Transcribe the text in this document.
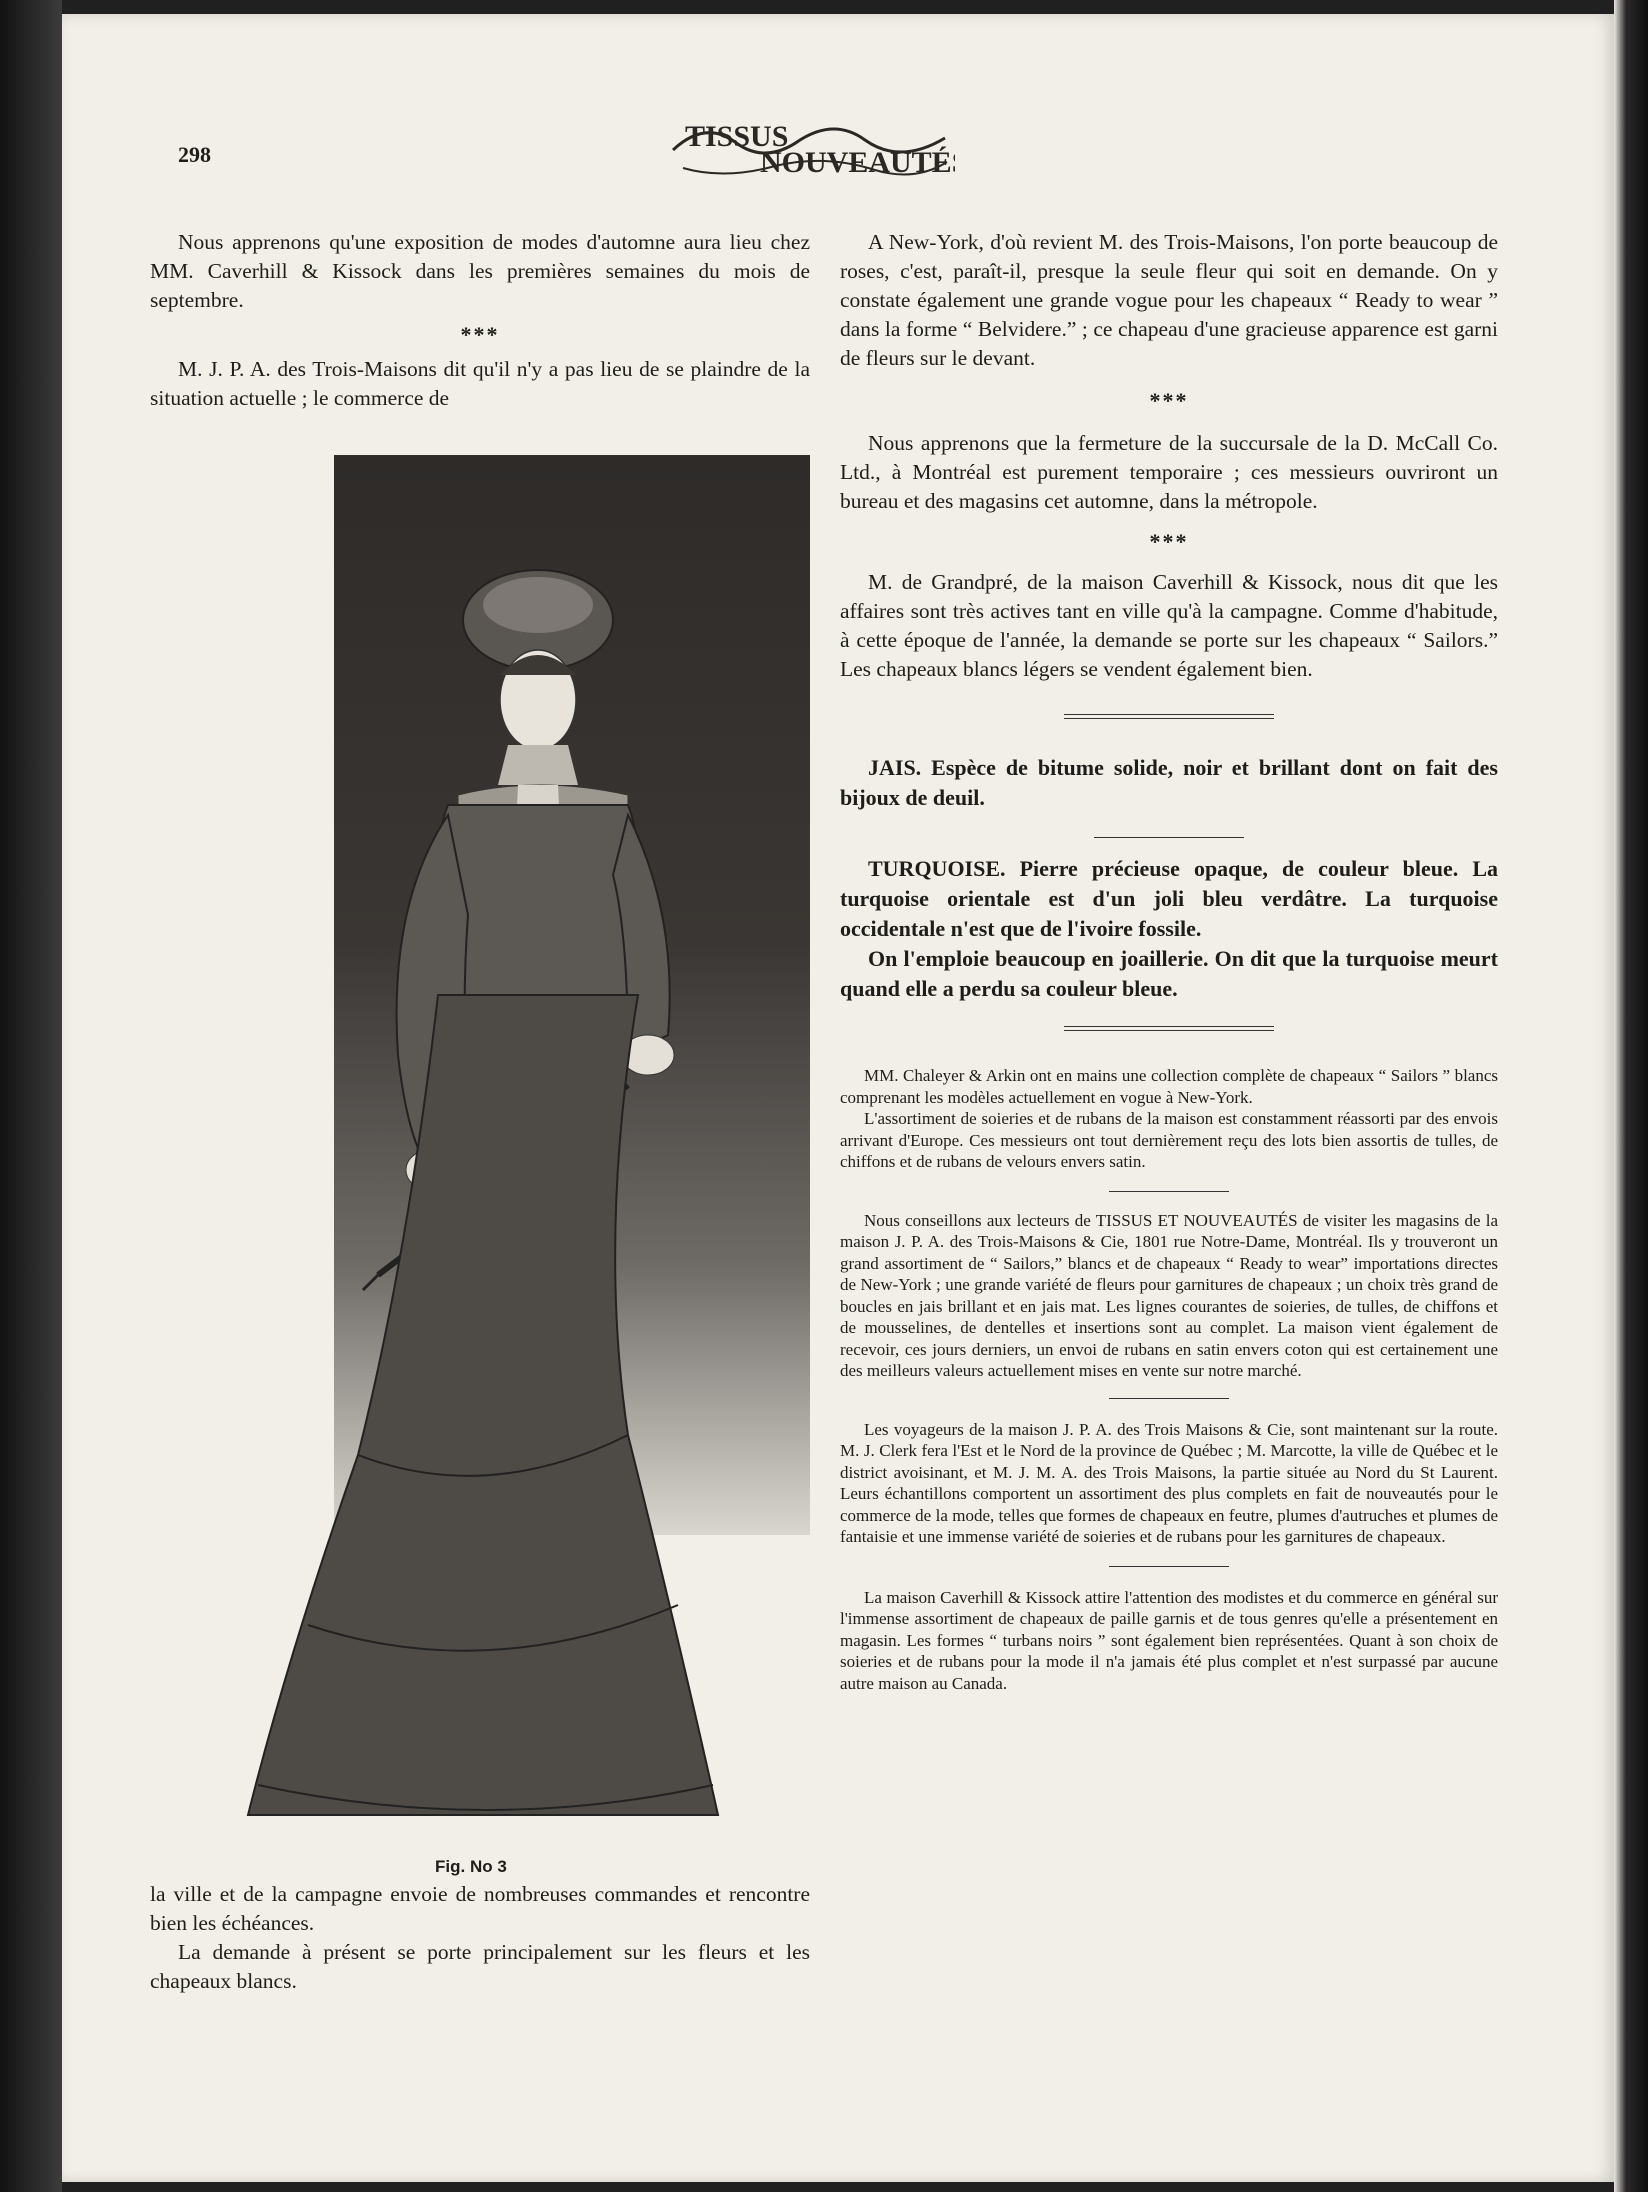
298
TISSUS
NOUVEAUTÉS

Nous apprenons qu'une exposition de modes d'automne aura lieu chez MM. Caverhill & Kissock dans les premières semaines du mois de septembre.

***

M. J. P. A. des Trois-Maisons dit qu'il n'y a pas lieu de se plaindre de la situation actuelle ; le commerce de

Fig. No 3

la ville et de la campagne envoie de nombreuses commandes et rencontre bien les échéances.

La demande à présent se porte principalement sur les fleurs et les chapeaux blancs.

A New-York, d'où revient M. des Trois-Maisons, l'on porte beaucoup de roses, c'est, paraît-il, presque la seule fleur qui soit en demande. On y constate également une grande vogue pour les chapeaux “ Ready to wear ” dans la forme “ Belvidere.” ; ce chapeau d'une gracieuse apparence est garni de fleurs sur le devant.

***

Nous apprenons que la fermeture de la succursale de la D. McCall Co. Ltd., à Montréal est purement temporaire ; ces messieurs ouvriront un bureau et des magasins cet automne, dans la métropole.

***

M. de Grandpré, de la maison Caverhill & Kissock, nous dit que les affaires sont très actives tant en ville qu'à la campagne. Comme d'habitude, à cette époque de l'année, la demande se porte sur les chapeaux “ Sailors.” Les chapeaux blancs légers se vendent également bien.

JAIS. Espèce de bitume solide, noir et brillant dont on fait des bijoux de deuil.

TURQUOISE. Pierre précieuse opaque, de couleur bleue. La turquoise orientale est d'un joli bleu verdâtre. La turquoise occidentale n'est que de l'ivoire fossile.

On l'emploie beaucoup en joaillerie. On dit que la turquoise meurt quand elle a perdu sa couleur bleue.

MM. Chaleyer & Arkin ont en mains une collection complète de chapeaux “ Sailors ” blancs comprenant les modèles actuellement en vogue à New-York.

L'assortiment de soieries et de rubans de la maison est constamment réassorti par des envois arrivant d'Europe. Ces messieurs ont tout dernièrement reçu des lots bien assortis de tulles, de chiffons et de rubans de velours envers satin.

Nous conseillons aux lecteurs de TISSUS ET NOUVEAUTÉS de visiter les magasins de la maison J. P. A. des Trois-Maisons & Cie, 1801 rue Notre-Dame, Montréal. Ils y trouveront un grand assortiment de “ Sailors,” blancs et de chapeaux “ Ready to wear” importations directes de New-York ; une grande variété de fleurs pour garnitures de chapeaux ; un choix très grand de boucles en jais brillant et en jais mat. Les lignes courantes de soieries, de tulles, de chiffons et de mousselines, de dentelles et insertions sont au complet. La maison vient également de recevoir, ces jours derniers, un envoi de rubans en satin envers coton qui est certainement une des meilleurs valeurs actuellement mises en vente sur notre marché.

Les voyageurs de la maison J. P. A. des Trois Maisons & Cie, sont maintenant sur la route. M. J. Clerk fera l'Est et le Nord de la province de Québec ; M. Marcotte, la ville de Québec et le district avoisinant, et M. J. M. A. des Trois Maisons, la partie située au Nord du St Laurent. Leurs échantillons comportent un assortiment des plus complets en fait de nouveautés pour le commerce de la mode, telles que formes de chapeaux en feutre, plumes d'autruches et plumes de fantaisie et une immense variété de soieries et de rubans pour les garnitures de chapeaux.

La maison Caverhill & Kissock attire l'attention des modistes et du commerce en général sur l'immense assortiment de chapeaux de paille garnis et de tous genres qu'elle a présentement en magasin. Les formes “ turbans noirs ” sont également bien représentées. Quant à son choix de soieries et de rubans pour la mode il n'a jamais été plus complet et n'est surpassé par aucune autre maison au Canada.
